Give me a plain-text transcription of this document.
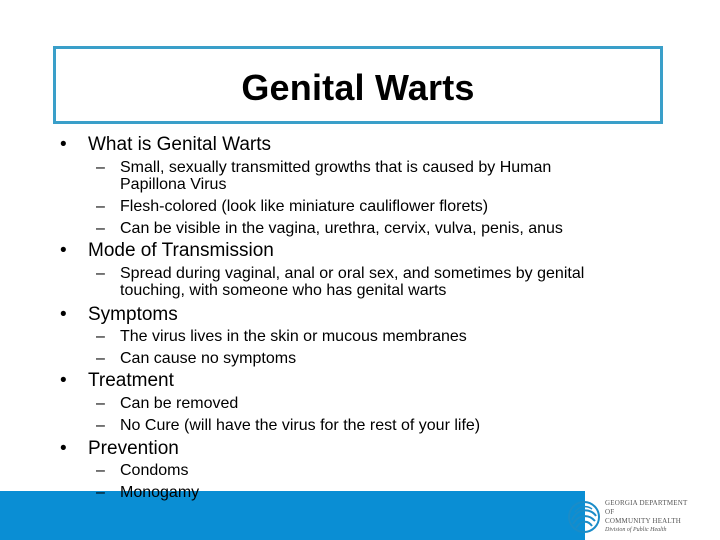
Genital Warts

• What is Genital Warts

– Small, sexually transmitted growths that is caused by Human Papillona Virus

– Flesh-colored (look like miniature cauliflower florets)

– Can be visible in the vagina, urethra, cervix, vulva, penis, anus

• Mode of Transmission

– Spread during vaginal, anal or oral sex, and sometimes by genital touching, with someone who has genital warts

• Symptoms

– The virus lives in the skin or mucous membranes

– Can cause no symptoms

• Treatment

– Can be removed

– No Cure (will have the virus for the rest of your life)

• Prevention

– Condoms

– Monogamy

GEORGIA DEPARTMENT OF
COMMUNITY HEALTH
Division of Public Health
